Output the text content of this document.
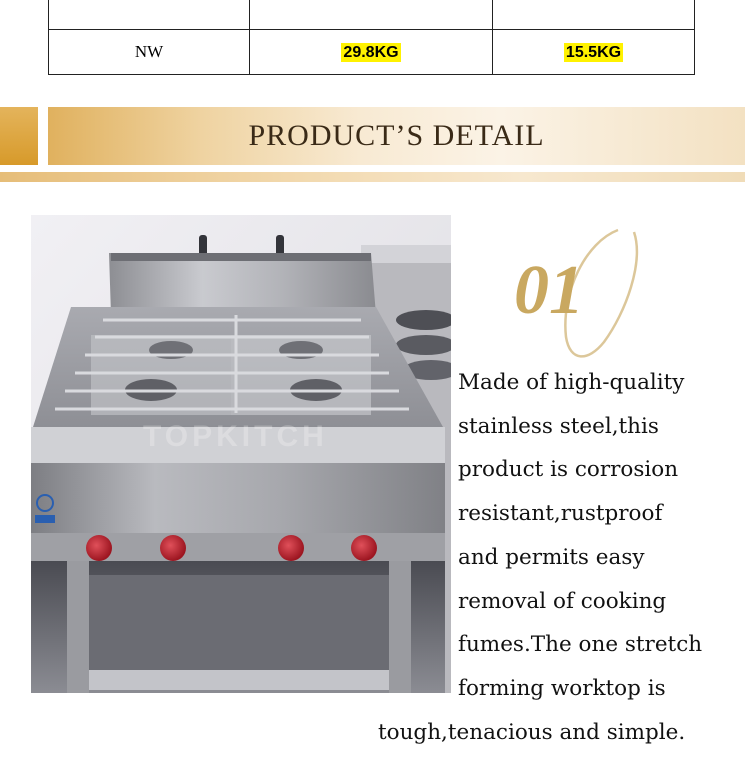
NW	29.8KG	15.5KG
PRODUCT’S DETAIL
TOPKITCH
01
Made of high-quality
stainless steel,this
product is corrosion
resistant,rustproof
and permits easy
removal of cooking
fumes.The one stretch
forming worktop is
tough,tenacious and simple.
